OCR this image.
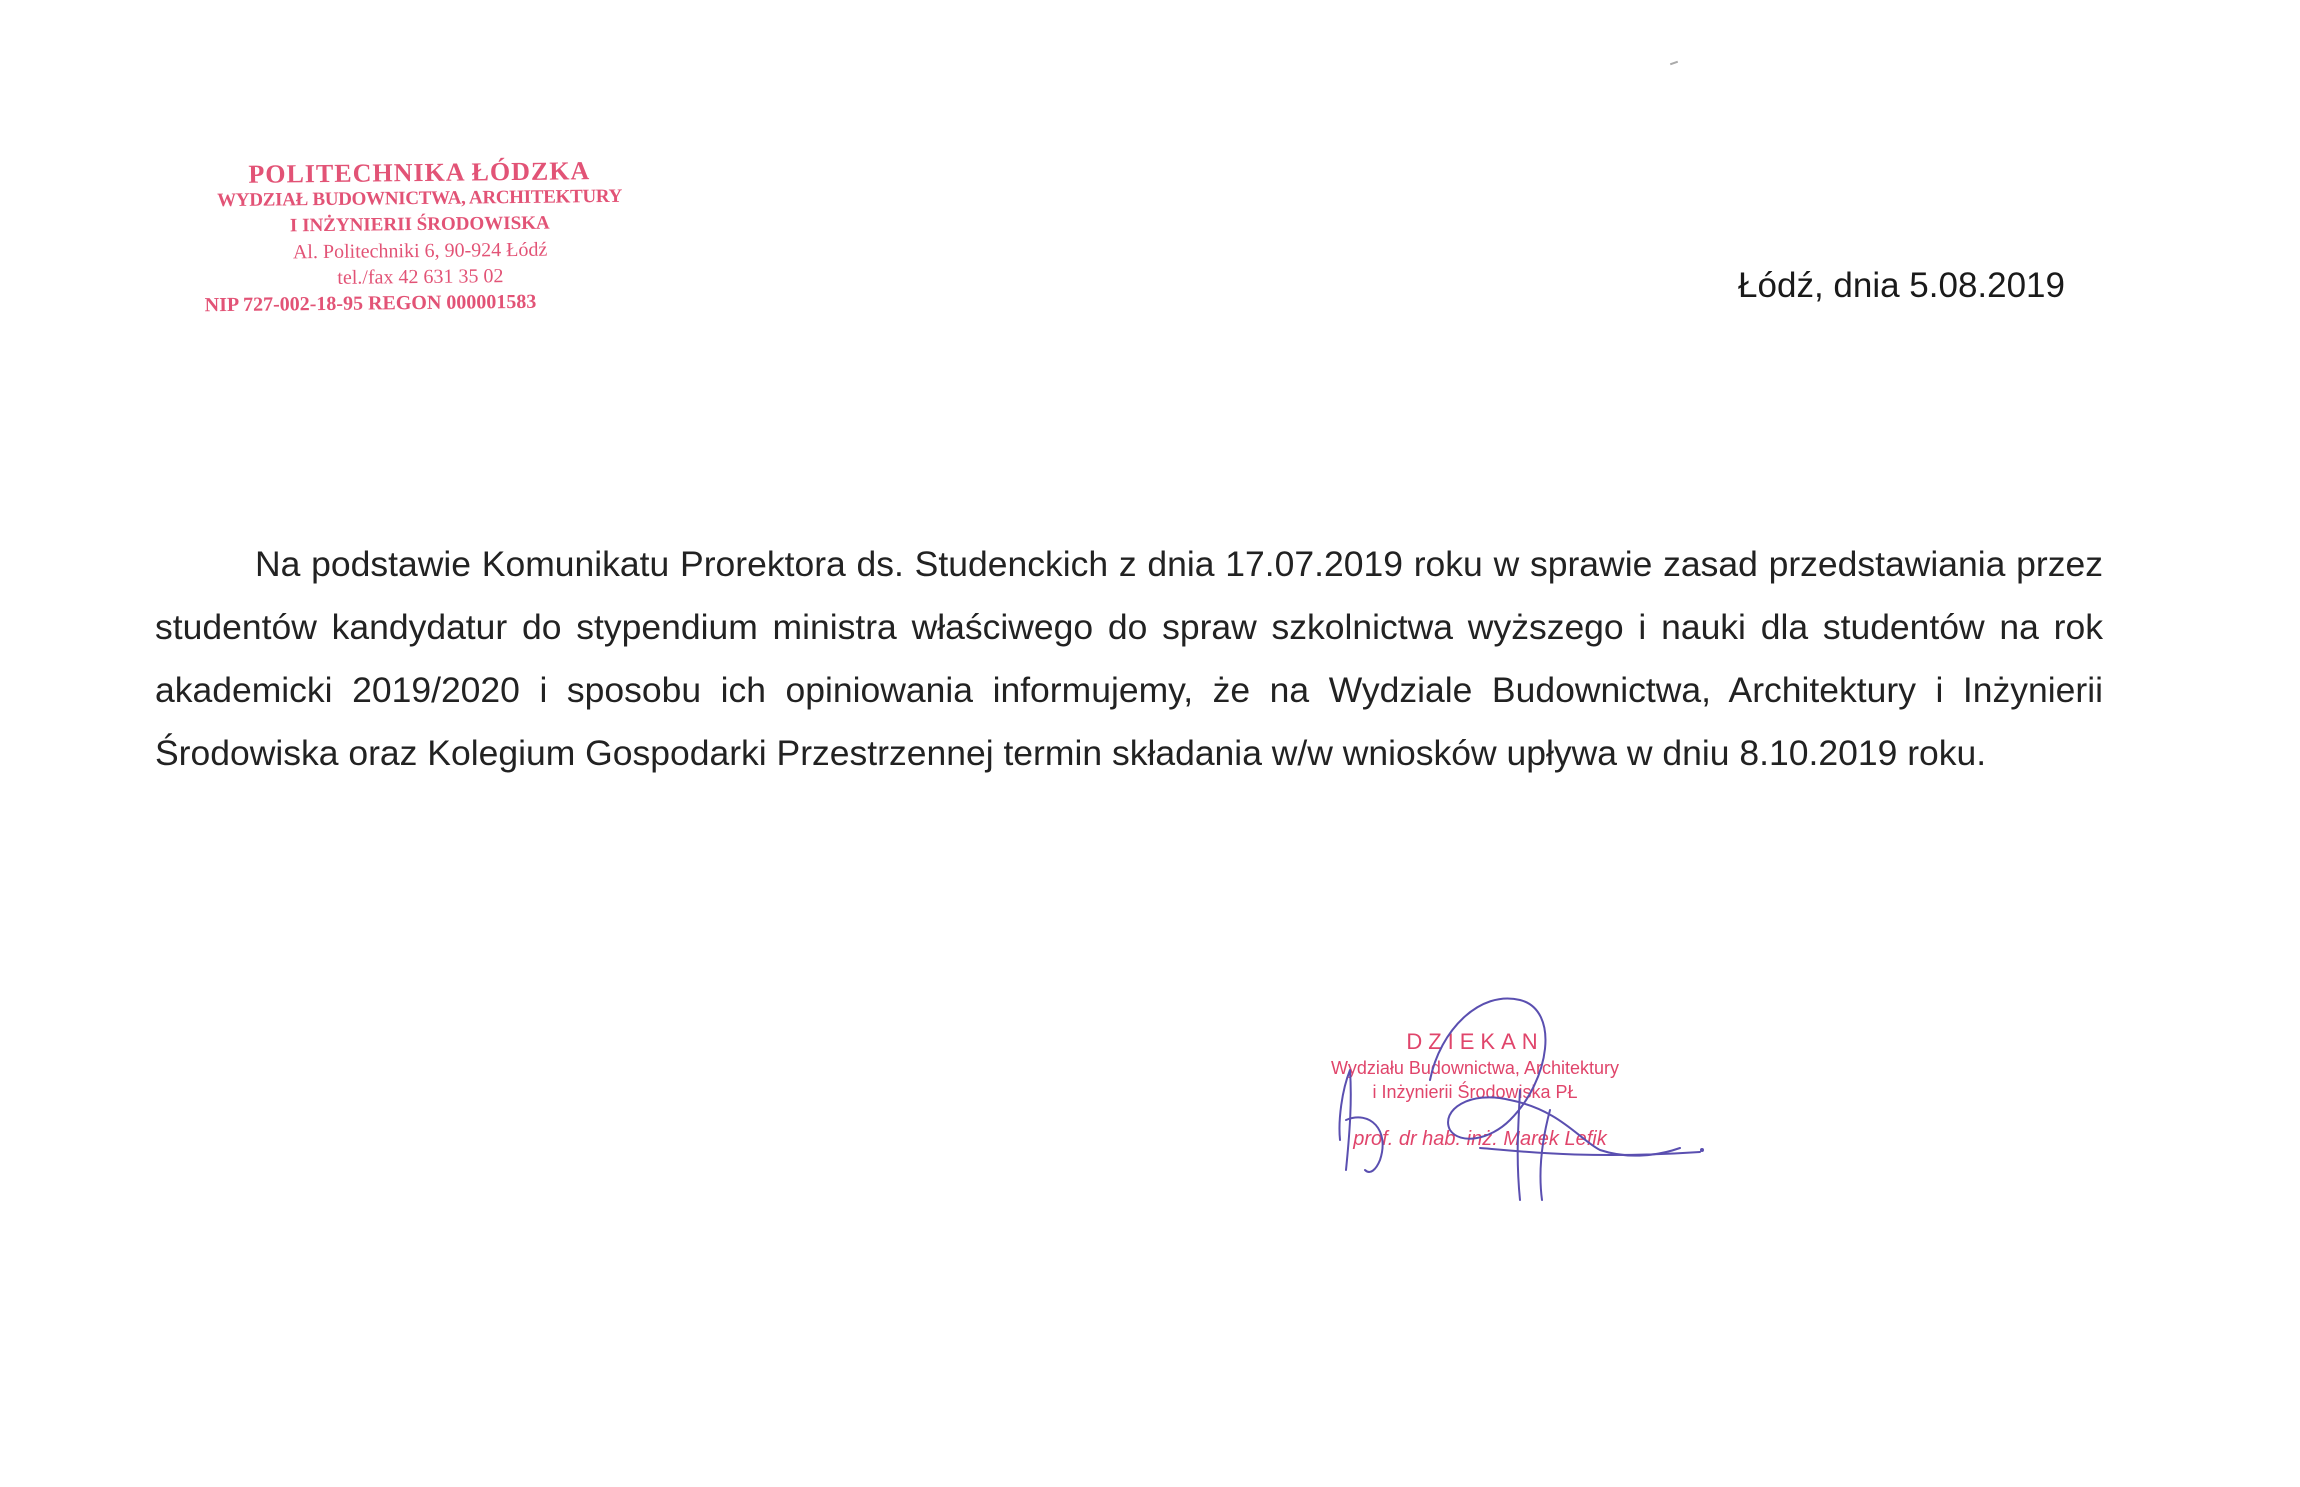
POLITECHNIKA ŁÓDZKA
WYDZIAŁ BUDOWNICTWA, ARCHITEKTURY
I INŻYNIERII ŚRODOWISKA
Al. Politechniki 6, 90-924 Łódź
tel./fax 42 631 35 02
NIP 727-002-18-95 REGON 000001583	Łódź, dnia 5.08.2019

Na podstawie Komunikatu Prorektora ds. Studenckich z dnia 17.07.2019 roku w sprawie zasad przedstawiania przez studentów kandydatur do stypendium ministra właściwego do spraw szkolnictwa wyższego i nauki dla studentów na rok akademicki 2019/2020 i sposobu ich opiniowania informujemy, że na Wydziale Budownictwa, Architektury i Inżynierii Środowiska oraz Kolegium Gospodarki Przestrzennej termin składania w/w wniosków upływa w dniu 8.10.2019 roku.

DZIEKAN
Wydziału Budownictwa, Architektury
i Inżynierii Środowiska PŁ
prof. dr hab. inż. Marek Lefik
